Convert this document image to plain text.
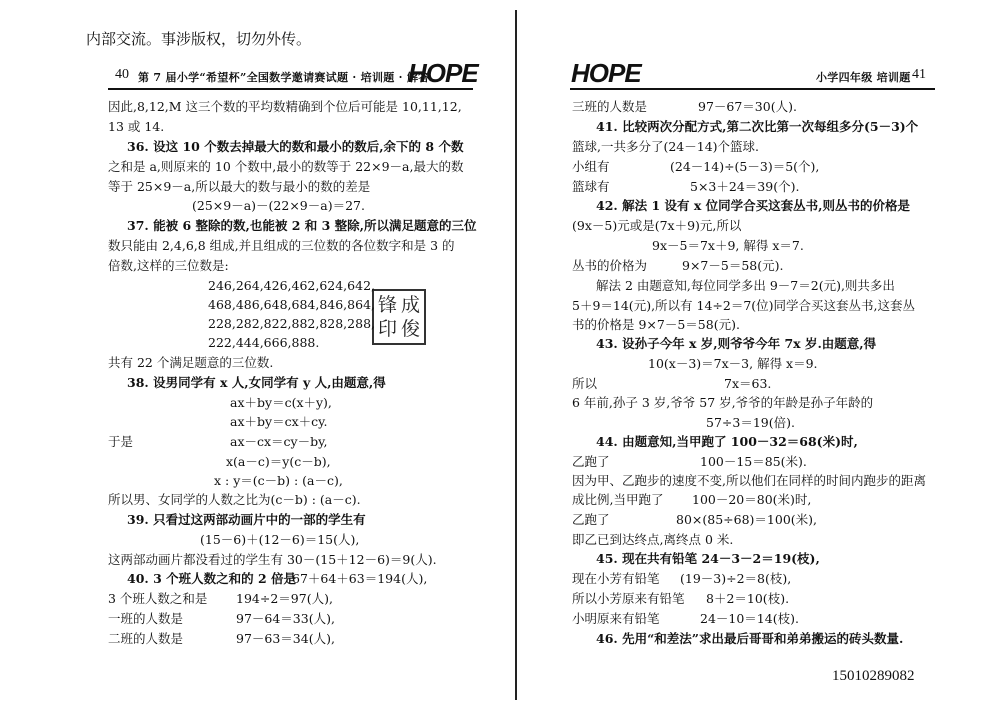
内部交流。事涉版权，切勿外传。
15010289082
40 第 7 届小学“希望杯”全国数学邀请赛试题 · 培训题 · 解答
HOPE	HOPE	小学四年级 培训题 41
锋 成
印 俊
因此,8,12,M 这三个数的平均数精确到个位后可能是 10,11,12,
13 或 14.
36. 设这 10 个数去掉最大的数和最小的数后,余下的 8 个数
之和是 a,则原来的 10 个数中,最小的数等于 22×9－a,最大的数
等于 25×9－a,所以最大的数与最小的数的差是
(25×9－a)－(22×9－a)＝27.
37. 能被 6 整除的数,也能被 2 和 3 整除,所以满足题意的三位
数只能由 2,4,6,8 组成,并且组成的三位数的各位数字和是 3 的
倍数,这样的三位数是:
246,264,426,462,624,642,
468,486,648,684,846,864,
228,282,822,882,828,288,
222,444,666,888.
共有 22 个满足题意的三位数.
38. 设男同学有 x 人,女同学有 y 人,由题意,得
ax＋by＝c(x＋y),
ax＋by＝cx＋cy.
于是	ax－cx＝cy－by,
x(a－c)＝y(c－b),
x : y＝(c－b) : (a－c),
所以男、女同学的人数之比为(c－b) : (a－c).
39. 只看过这两部动画片中的一部的学生有
(15－6)＋(12－6)＝15(人),
这两部动画片都没看过的学生有 30－(15＋12－6)＝9(人).
40. 3 个班人数之和的 2 倍是
67＋64＋63＝194(人),
3 个班人数之和是 194÷2＝97(人),
一班的人数是	97－64＝33(人),
二班的人数是	97－63＝34(人),
三班的人数是	97－67＝30(人).
41. 比较两次分配方式,第二次比第一次每组多分(5－3)个
篮球,一共多分了(24－14)个篮球.
小组有	(24－14)÷(5－3)＝5(个),
篮球有	5×3＋24＝39(个).
42. 解法 1 设有 x 位同学合买这套丛书,则丛书的价格是
(9x－5)元或是(7x＋9)元,所以
9x－5＝7x＋9, 解得 x＝7.
丛书的价格为	9×7－5＝58(元).
解法 2 由题意知,每位同学多出 9－7＝2(元),则共多出
5＋9＝14(元),所以有 14÷2＝7(位)同学合买这套丛书,这套丛
书的价格是 9×7－5＝58(元).
43. 设孙子今年 x 岁,则爷爷今年 7x 岁.由题意,得
10(x－3)＝7x－3, 解得 x＝9.
所以	7x＝63.
6 年前,孙子 3 岁,爷爷 57 岁,爷爷的年龄是孙子年龄的
57÷3＝19(倍).
44. 由题意知,当甲跑了 100－32＝68(米)时,
乙跑了	100－15＝85(米).
因为甲、乙跑步的速度不变,所以他们在同样的时间内跑步的距离
成比例,当甲跑了 100－20＝80(米)时,
乙跑了	80×(85÷68)＝100(米),
即乙已到达终点,离终点 0 米.
45. 现在共有铅笔 24－3－2＝19(枝),
现在小芳有铅笔 (19－3)÷2＝8(枝),
所以小芳原来有铅笔 8＋2＝10(枝).
小明原来有铅笔	24－10＝14(枝).
46. 先用“和差法”求出最后哥哥和弟弟搬运的砖头数量.
